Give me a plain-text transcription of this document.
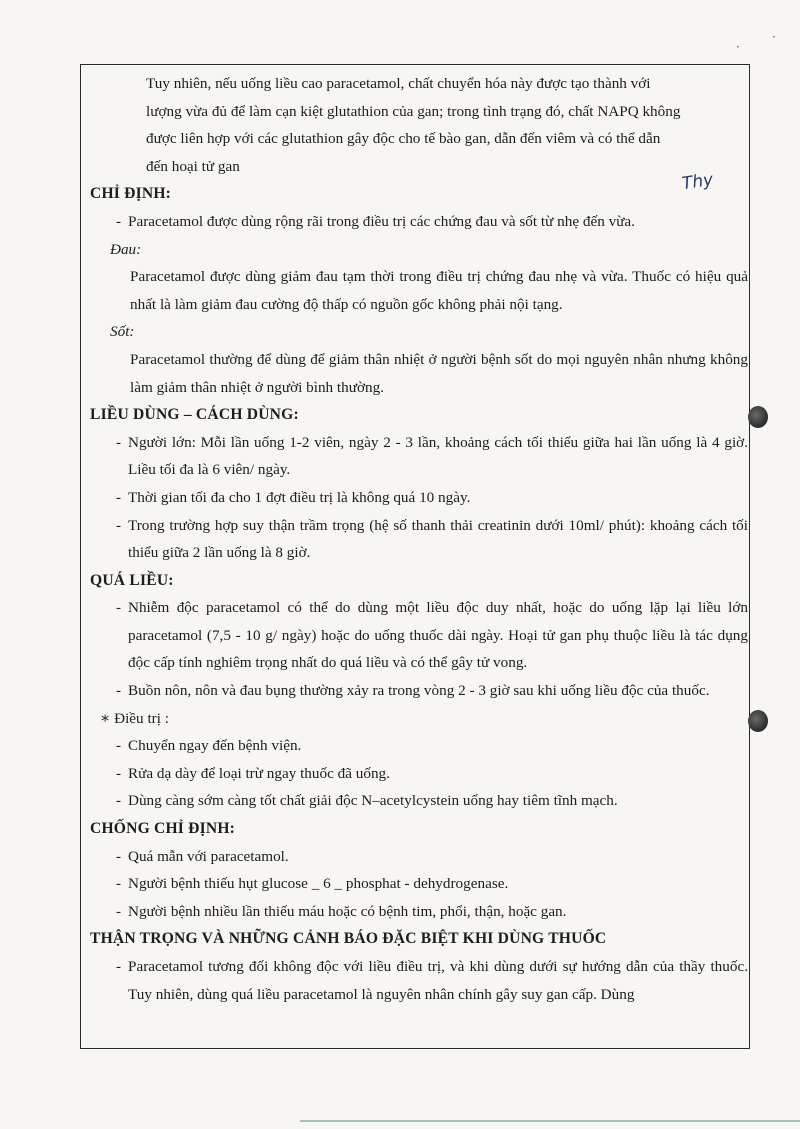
Thy
·
·
Tuy nhiên, nếu uống liều cao paracetamol, chất chuyển hóa này được tạo thành với
lượng vừa đủ để làm cạn kiệt glutathion của gan; trong tình trạng đó, chất NAPQ không
được liên hợp với các glutathion gây độc cho tế bào gan, dẫn đến viêm và có thể dẫn
đến hoại tử gan

CHỈ ĐỊNH:

- Paracetamol được dùng rộng rãi trong điều trị các chứng đau và sốt từ nhẹ đến vừa.

Đau:

Paracetamol được dùng giảm đau tạm thời trong điều trị chứng đau nhẹ và vừa. Thuốc có hiệu quả nhất là làm giảm đau cường độ thấp có nguồn gốc không phải nội tạng.

Sốt:

Paracetamol thường để dùng để giảm thân nhiệt ở người bệnh sốt do mọi nguyên nhân nhưng không làm giảm thân nhiệt ở người bình thường.

LIỀU DÙNG – CÁCH DÙNG:

- Người lớn: Mỗi lần uống 1-2 viên, ngày 2 - 3 lần, khoảng cách tối thiểu giữa hai lần uống là 4 giờ. Liều tối đa là 6 viên/ ngày.

- Thời gian tối đa cho 1 đợt điều trị là không quá 10 ngày.

- Trong trường hợp suy thận trầm trọng (hệ số thanh thải creatinin dưới 10ml/ phút): khoảng cách tối thiểu giữa 2 lần uống là 8 giờ.

QUÁ LIỀU:

- Nhiễm độc paracetamol có thể do dùng một liều độc duy nhất, hoặc do uống lặp lại liều lớn paracetamol (7,5 - 10 g/ ngày) hoặc do uống thuốc dài ngày. Hoại tử gan phụ thuộc liều là tác dụng độc cấp tính nghiêm trọng nhất do quá liều và có thể gây tử vong.

- Buồn nôn, nôn và đau bụng thường xảy ra trong vòng 2 - 3 giờ sau khi uống liều độc của thuốc.

∗ Điều trị :

- Chuyển ngay đến bệnh viện.

- Rửa dạ dày để loại trừ ngay thuốc đã uống.

- Dùng càng sớm càng tốt chất giải độc N–acetylcystein uống hay tiêm tĩnh mạch.

CHỐNG CHỈ ĐỊNH:

- Quá mẫn với paracetamol.

- Người bệnh thiếu hụt glucose _ 6 _ phosphat - dehydrogenase.

- Người bệnh nhiều lần thiếu máu hoặc có bệnh tim, phổi, thận, hoặc gan.

THẬN TRỌNG VÀ NHỮNG CẢNH BÁO ĐẶC BIỆT KHI DÙNG THUỐC

- Paracetamol tương đối không độc với liều điều trị, và khi dùng dưới sự hướng dẫn của thầy thuốc. Tuy nhiên, dùng quá liều paracetamol là nguyên nhân chính gây suy gan cấp. Dùng
